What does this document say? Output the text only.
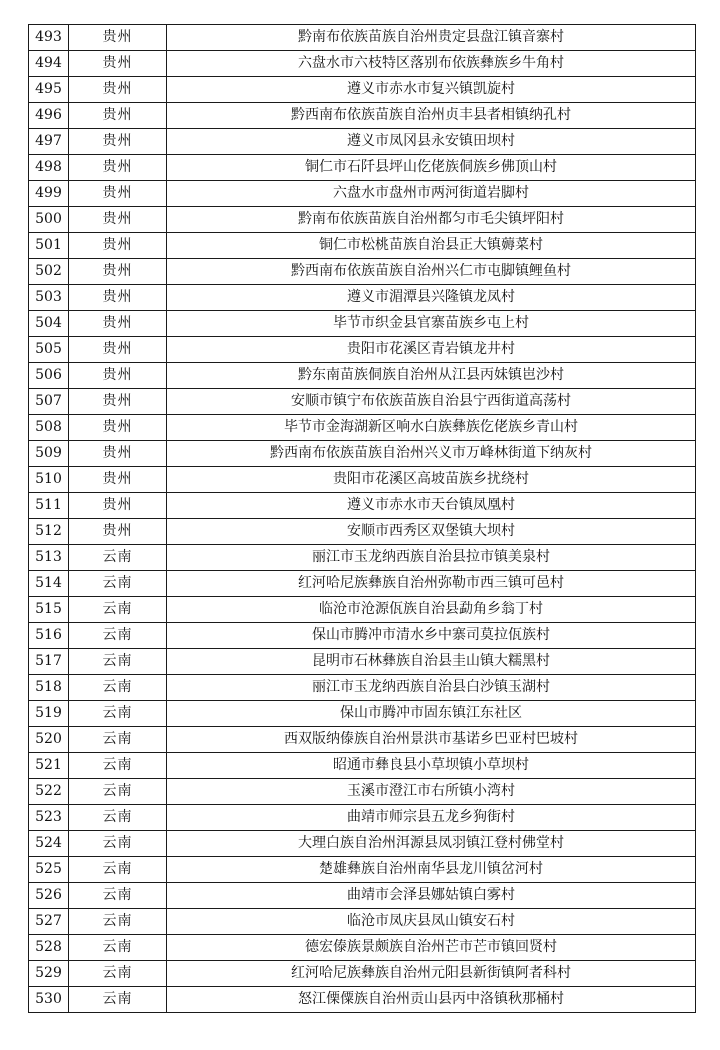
493	贵州	黔南布依族苗族自治州贵定县盘江镇音寨村
494	贵州	六盘水市六枝特区落别布依族彝族乡牛角村
495	贵州	遵义市赤水市复兴镇凯旋村
496	贵州	黔西南布依族苗族自治州贞丰县者相镇纳孔村
497	贵州	遵义市凤冈县永安镇田坝村
498	贵州	铜仁市石阡县坪山仡佬族侗族乡佛顶山村
499	贵州	六盘水市盘州市两河街道岩脚村
500	贵州	黔南布依族苗族自治州都匀市毛尖镇坪阳村
501	贵州	铜仁市松桃苗族自治县正大镇薅菜村
502	贵州	黔西南布依族苗族自治州兴仁市屯脚镇鲤鱼村
503	贵州	遵义市湄潭县兴隆镇龙凤村
504	贵州	毕节市织金县官寨苗族乡屯上村
505	贵州	贵阳市花溪区青岩镇龙井村
506	贵州	黔东南苗族侗族自治州从江县丙妹镇岜沙村
507	贵州	安顺市镇宁布依族苗族自治县宁西街道高荡村
508	贵州	毕节市金海湖新区响水白族彝族仡佬族乡青山村
509	贵州	黔西南布依族苗族自治州兴义市万峰林街道下纳灰村
510	贵州	贵阳市花溪区高坡苗族乡扰绕村
511	贵州	遵义市赤水市天台镇凤凰村
512	贵州	安顺市西秀区双堡镇大坝村
513	云南	丽江市玉龙纳西族自治县拉市镇美泉村
514	云南	红河哈尼族彝族自治州弥勒市西三镇可邑村
515	云南	临沧市沧源佤族自治县勐角乡翁丁村
516	云南	保山市腾冲市清水乡中寨司莫拉佤族村
517	云南	昆明市石林彝族自治县圭山镇大糯黑村
518	云南	丽江市玉龙纳西族自治县白沙镇玉湖村
519	云南	保山市腾冲市固东镇江东社区
520	云南	西双版纳傣族自治州景洪市基诺乡巴亚村巴坡村
521	云南	昭通市彝良县小草坝镇小草坝村
522	云南	玉溪市澄江市右所镇小湾村
523	云南	曲靖市师宗县五龙乡狗街村
524	云南	大理白族自治州洱源县凤羽镇江登村佛堂村
525	云南	楚雄彝族自治州南华县龙川镇岔河村
526	云南	曲靖市会泽县娜姑镇白雾村
527	云南	临沧市凤庆县凤山镇安石村
528	云南	德宏傣族景颇族自治州芒市芒市镇回贤村
529	云南	红河哈尼族彝族自治州元阳县新街镇阿者科村
530	云南	怒江傈僳族自治州贡山县丙中洛镇秋那桶村
